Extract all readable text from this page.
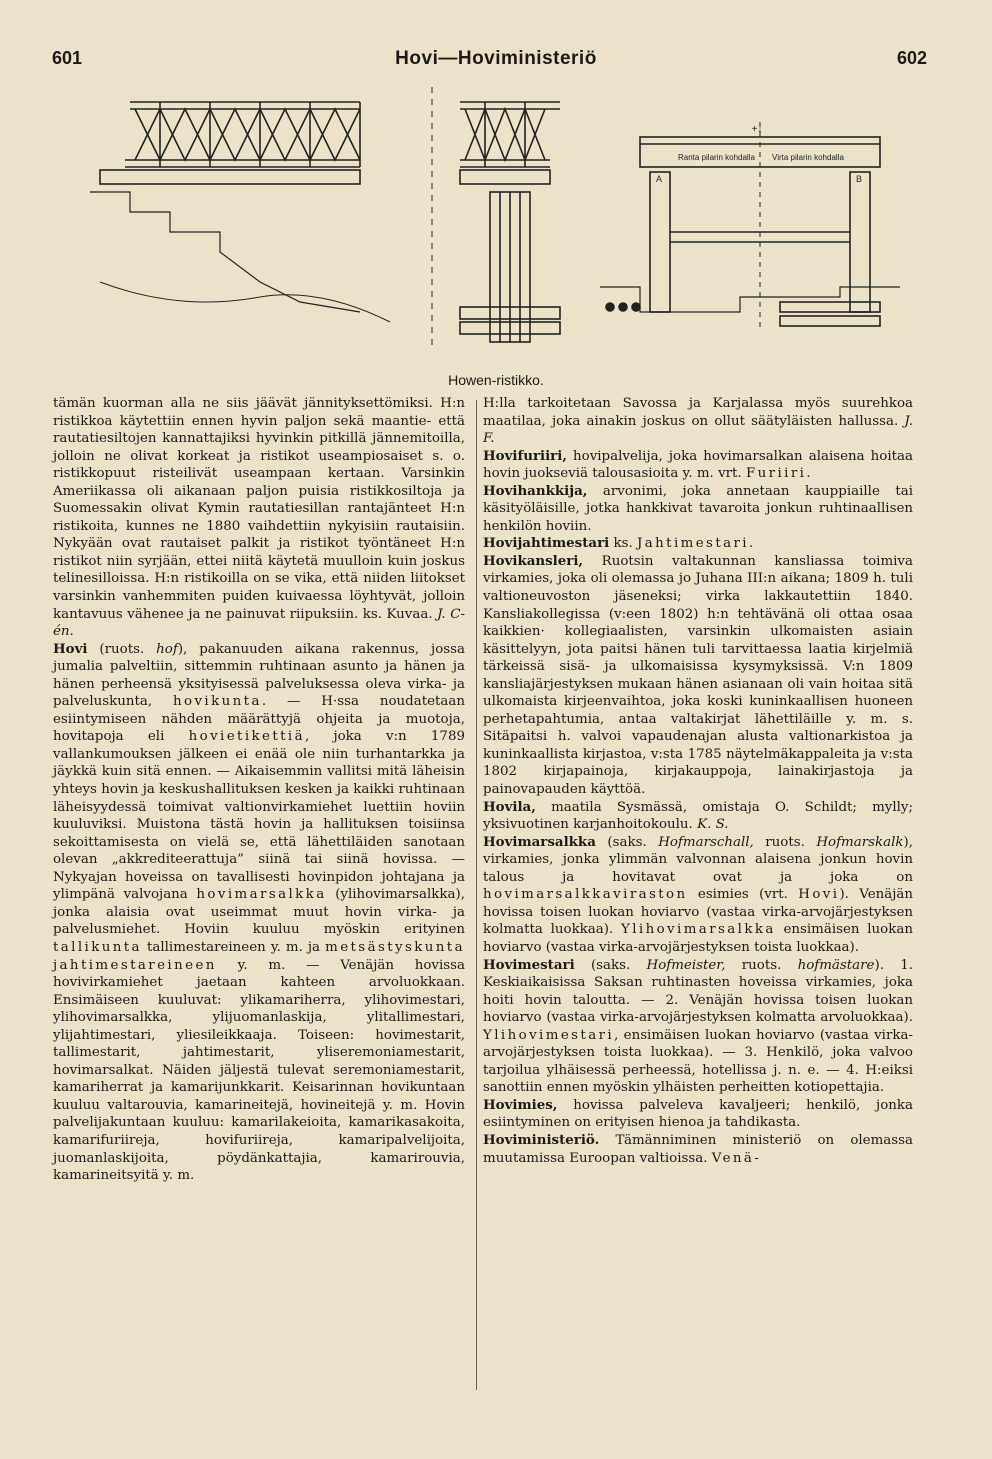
601	Hovi—Hoviministeriö	602
+↓
Ranta pilarin kohdalla Virta pilarin kohdalla
A	B
Howen-ristikko.

tämän kuorman alla ne siis jäävät jännityksettömiksi. H:n ristikkoa käytettiin ennen hyvin paljon sekä maantie- että rautatiesiltojen kannattajiksi hyvinkin pitkillä jännemitoilla, jolloin ne olivat korkeat ja ristikot useampiosaiset s. o. ristikkopuut risteilivät useampaan kertaan. Varsinkin Ameriikassa oli aikanaan paljon puisia ristikkosiltoja ja Suomessakin olivat Kymin rautatiesillan rantajänteet H:n ristikoita, kunnes ne 1880 vaihdettiin nykyisiin rautaisiin. Nykyään ovat rautaiset palkit ja ristikot työntäneet H:n ristikot niin syrjään, ettei niitä käytetä muulloin kuin joskus telinesilloissa. H:n ristikoilla on se vika, että niiden liitokset varsinkin vanhemmiten puiden kuivaessa löyhtyvät, jolloin kantavuus vähenee ja ne painuvat riipuksiin. ks. Kuvaa. J. C-én.

Hovi (ruots. hof), pakanuuden aikana rakennus, jossa jumalia palveltiin, sittemmin ruhtinaan asunto ja hänen ja hänen perheensä yksityisessä palveluksessa oleva virka- ja palveluskunta, hovikunta. — H·ssa noudatetaan esiintymiseen nähden määrättyjä ohjeita ja muotoja, hovitapoja eli hovietikettiä, joka v:n 1789 vallankumouksen jälkeen ei enää ole niin turhantarkka ja jäykkä kuin sitä ennen. — Aikaisemmin vallitsi mitä läheisin yhteys hovin ja keskushallituksen kesken ja kaikki ruhtinaan läheisyydessä toimivat valtionvirkamiehet luettiin hoviin kuuluviksi. Muistona tästä hovin ja hallituksen toisiinsa sekoittamisesta on vielä se, että lähettiläiden sanotaan olevan „akkrediteerattuja” siinä tai siinä hovissa. — Nykyajan hoveissa on tavallisesti hovinpidon johtajana ja ylimpänä valvojana hovimarsalkka (ylihovimarsalkka), jonka alaisia ovat useimmat muut hovin virka- ja palvelusmiehet. Hoviin kuuluu myöskin erityinen tallikunta tallimestareineen y. m. ja metsästyskunta jahtimestareineen y. m. — Venäjän hovissa hovivirkamiehet jaetaan kahteen arvoluokkaan. Ensimäiseen kuuluvat: ylikamariherra, ylihovimestari, ylihovimarsalkka, ylijuomanlaskija, ylitallimestari, ylijahtimestari, yliesileikkaaja. Toiseen: hovimestarit, tallimestarit, jahtimestarit, yliseremoniamestarit, hovimarsalkat. Näiden jäljestä tulevat seremoniamestarit, kamariherrat ja kamarijunkkarit. Keisarinnan hovikuntaan kuuluu valtarouvia, kamarineitejä, hovineitejä y. m. Hovin palvelijakuntaan kuuluu: kamarilakeioita, kamarikasakoita, kamarifuriireja, hovifuriireja, kamaripalvelijoita, juomanlaskijoita, pöydänkattajia, kamarirouvia, kamarineitsyitä y. m.

H:lla tarkoitetaan Savossa ja Karjalassa myös suurehkoa maatilaa, joka ainakin joskus on ollut säätyläisten hallussa. J. F.

Hovifuriiri, hovipalvelija, joka hovimarsalkan alaisena hoitaa hovin juokseviä talousasioita y. m. vrt. Furiiri.

Hovihankkija, arvonimi, joka annetaan kauppiaille tai käsityöläisille, jotka hankkivat tavaroita jonkun ruhtinaallisen henkilön hoviin.

Hovijahtimestari ks. Jahtimestari.

Hovikansleri, Ruotsin valtakunnan kansliassa toimiva virkamies, joka oli olemassa jo Juhana III:n aikana; 1809 h. tuli valtioneuvoston jäseneksi; virka lakkautettiin 1840. Kansliakollegissa (v:een 1802) h:n tehtävänä oli ottaa osaa kaikkien· kollegiaalisten, varsinkin ulkomaisten asiain käsittelyyn, jota paitsi hänen tuli tarvittaessa laatia kirjelmiä tärkeissä sisä- ja ulkomaisissa kysymyksissä. V:n 1809 kansliajärjestyksen mukaan hänen asianaan oli vain hoitaa sitä ulkomaista kirjeenvaihtoa, joka koski kuninkaallisen huoneen perhetapahtumia, antaa valtakirjat lähettiläille y. m. s. Sitäpaitsi h. valvoi vapaudenajan alusta valtionarkistoa ja kuninkaallista kirjastoa, v:sta 1785 näytelmäkappaleita ja v:sta 1802 kirjapainoja, kirjakauppoja, lainakirjastoja ja painovapauden käyttöä.

Hovila, maatila Sysmässä, omistaja O. Schildt; mylly; yksivuotinen karjanhoitokoulu. K. S.

Hovimarsalkka (saks. Hofmarschall, ruots. Hofmarskalk), virkamies, jonka ylimmän valvonnan alaisena jonkun hovin talous ja hovitavat ovat ja joka on hovimarsalkkaviraston esimies (vrt. Hovi). Venäjän hovissa toisen luokan hoviarvo (vastaa virka-arvojärjestyksen kolmatta luokkaa). Ylihovimarsalkka ensimäisen luokan hoviarvo (vastaa virka-arvojärjestyksen toista luokkaa).

Hovimestari (saks. Hofmeister, ruots. hofmästare). 1. Keskiaikaisissa Saksan ruhtinasten hoveissa virkamies, joka hoiti hovin taloutta. — 2. Venäjän hovissa toisen luokan hoviarvo (vastaa virka-arvojärjestyksen kolmatta arvoluokkaa). Ylihovimestari, ensimäisen luokan hoviarvo (vastaa virka-arvojärjestyksen toista luokkaa). — 3. Henkilö, joka valvoo tarjoilua ylhäisessä perheessä, hotellissa j. n. e. — 4. H:eiksi sanottiin ennen myöskin ylhäisten perheitten kotiopettajia.

Hovimies, hovissa palveleva kavaljeeri; henkilö, jonka esiintyminen on erityisen hienoa ja tahdikasta.

Hoviministeriö. Tämänniminen ministeriö on olemassa muutamissa Euroopan valtioissa. Venä-
